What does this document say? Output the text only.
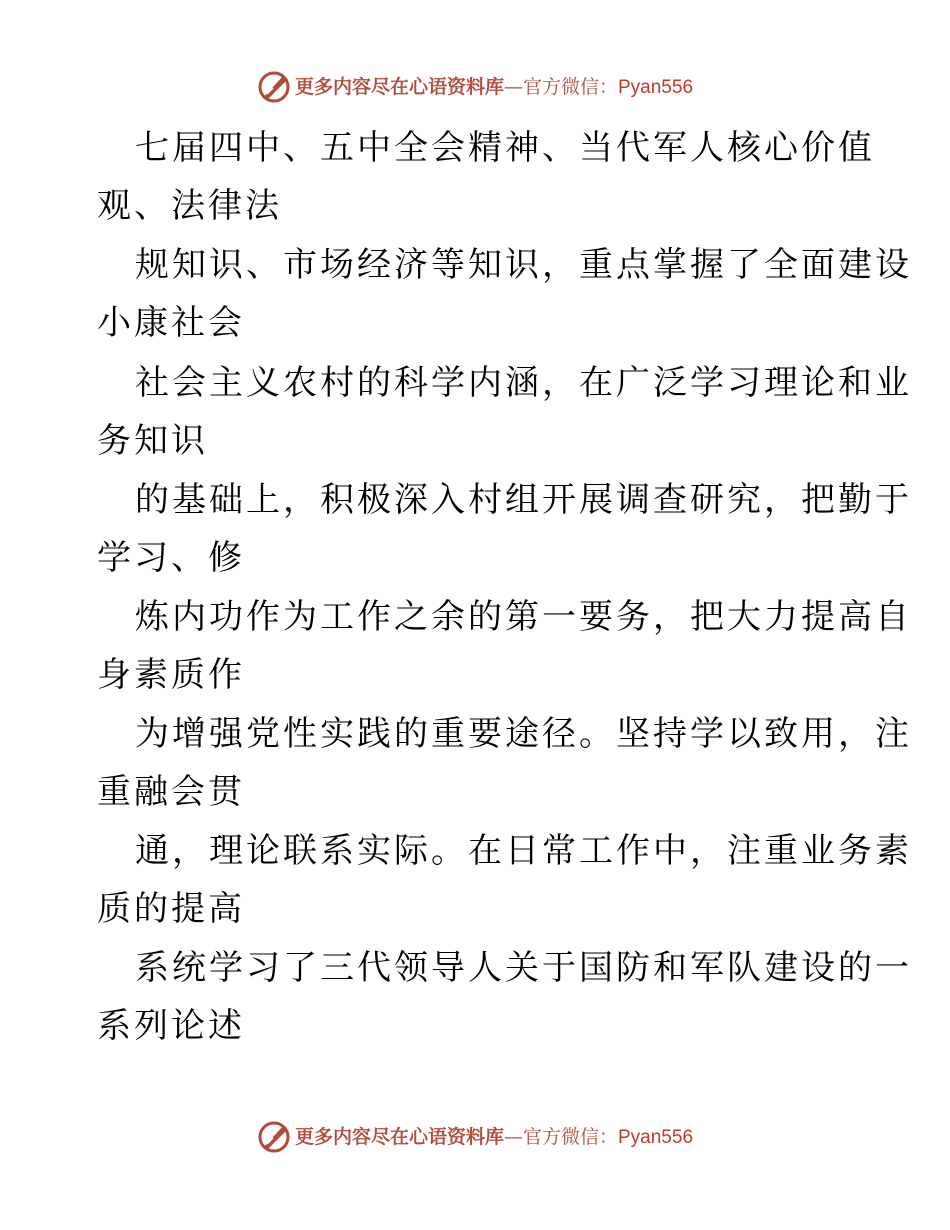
更多内容尽在心语资料库—官方微信：Pyan556
七届四中、五中全会精神、当代军人核心价值
观、法律法
规知识、市场经济等知识，重点掌握了全面建设
小康社会
社会主义农村的科学内涵，在广泛学习理论和业
务知识
的基础上，积极深入村组开展调查研究，把勤于
学习、修
炼内功作为工作之余的第一要务，把大力提高自
身素质作
为增强党性实践的重要途径。坚持学以致用，注
重融会贯
通，理论联系实际。在日常工作中，注重业务素
质的提高
系统学习了三代领导人关于国防和军队建设的一
系列论述
更多内容尽在心语资料库—官方微信：Pyan556
